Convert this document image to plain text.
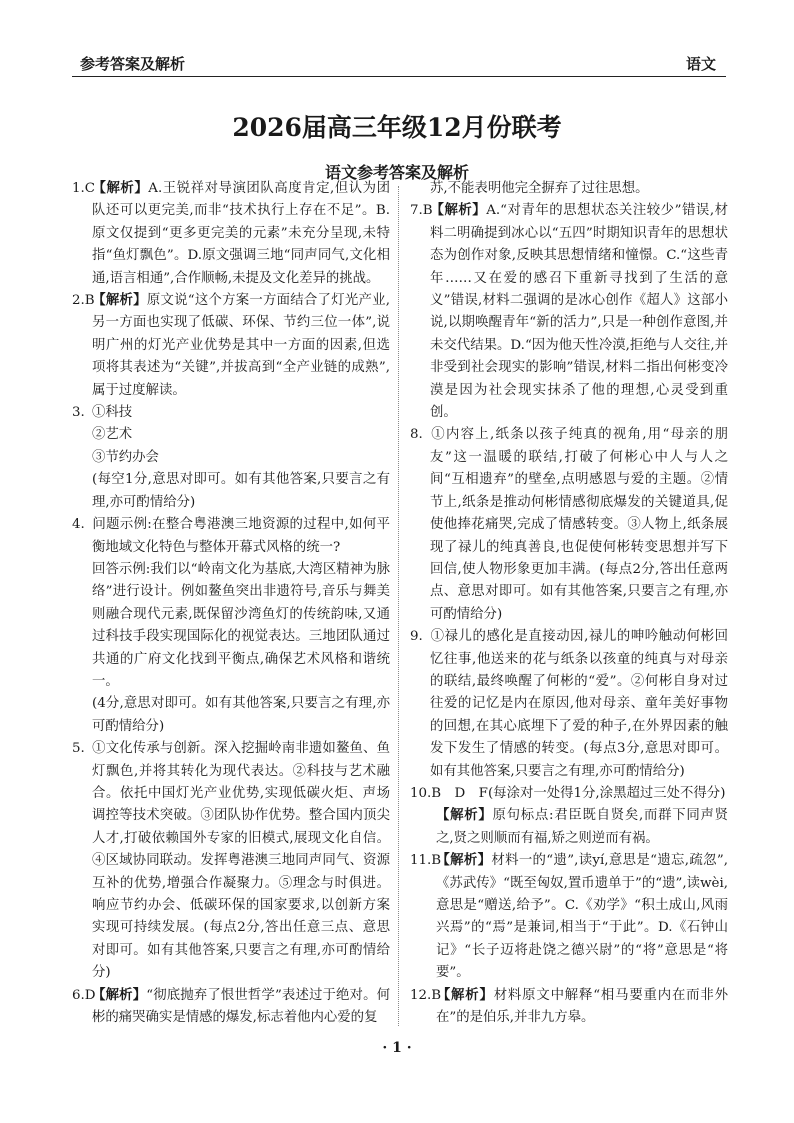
参考答案及解析	语文
2026届高三年级12月份联考
语文参考答案及解析

1.C【解析】A.王锐祥对导演团队高度肯定,但认为团队还可以更完美,而非“技术执行上存在不足”。B.原文仅提到“更多更完美的元素”未充分呈现,未特指“鱼灯飘色”。D.原文强调三地“同声同气,文化相通,语言相通”,合作顺畅,未提及文化差异的挑战。

2.B【解析】原文说“这个方案一方面结合了灯光产业,另一方面也实现了低碳、环保、节约三位一体”,说明广州的灯光产业优势是其中一方面的因素,但选项将其表述为“关键”,并拔高到“全产业链的成熟”,属于过度解读。

3. ①科技
②艺术
③节约办会
(每空1分,意思对即可。如有其他答案,只要言之有理,亦可酌情给分)

4. 问题示例:在整合粤港澳三地资源的过程中,如何平衡地域文化特色与整体开幕式风格的统一?
回答示例:我们以“岭南文化为基底,大湾区精神为脉络”进行设计。例如鳌鱼突出非遗符号,音乐与舞美则融合现代元素,既保留沙湾鱼灯的传统韵味,又通过科技手段实现国际化的视觉表达。三地团队通过共通的广府文化找到平衡点,确保艺术风格和谐统一。
(4分,意思对即可。如有其他答案,只要言之有理,亦可酌情给分)

5. ①文化传承与创新。深入挖掘岭南非遗如鳌鱼、鱼灯飘色,并将其转化为现代表达。②科技与艺术融合。依托中国灯光产业优势,实现低碳火炬、声场调控等技术突破。③团队协作优势。整合国内顶尖人才,打破依赖国外专家的旧模式,展现文化自信。④区域协同联动。发挥粤港澳三地同声同气、资源互补的优势,增强合作凝聚力。⑤理念与时俱进。响应节约办会、低碳环保的国家要求,以创新方案实现可持续发展。(每点2分,答出任意三点、意思对即可。如有其他答案,只要言之有理,亦可酌情给分)

6.D【解析】“彻底抛弃了恨世哲学”表述过于绝对。何彬的痛哭确实是情感的爆发,标志着他内心爱的复

苏,不能表明他完全摒弃了过往思想。

7.B【解析】A.“对青年的思想状态关注较少”错误,材料二明确提到冰心以“五四”时期知识青年的思想状态为创作对象,反映其思想情绪和憧憬。C.“这些青年……又在爱的感召下重新寻找到了生活的意义”错误,材料二强调的是冰心创作《超人》这部小说,以期唤醒青年“新的活力”,只是一种创作意图,并未交代结果。D.“因为他天性冷漠,拒绝与人交往,并非受到社会现实的影响”错误,材料二指出何彬变冷漠是因为社会现实抹杀了他的理想,心灵受到重创。

8. ①内容上,纸条以孩子纯真的视角,用“母亲的朋友”这一温暖的联结,打破了何彬心中人与人之间“互相遗弃”的壁垒,点明感恩与爱的主题。②情节上,纸条是推动何彬情感彻底爆发的关键道具,促使他捧花痛哭,完成了情感转变。③人物上,纸条展现了禄儿的纯真善良,也促使何彬转变思想并写下回信,使人物形象更加丰满。(每点2分,答出任意两点、意思对即可。如有其他答案,只要言之有理,亦可酌情给分)

9. ①禄儿的感化是直接动因,禄儿的呻吟触动何彬回忆往事,他送来的花与纸条以孩童的纯真与对母亲的联结,最终唤醒了何彬的“爱”。②何彬自身对过往爱的记忆是内在原因,他对母亲、童年美好事物的回想,在其心底埋下了爱的种子,在外界因素的触发下发生了情感的转变。(每点3分,意思对即可。如有其他答案,只要言之有理,亦可酌情给分)

10.B　D　F(每涂对一处得1分,涂黑超过三处不得分)
【解析】原句标点:君臣既自贤矣,而群下同声贤之,贤之则顺而有福,矫之则逆而有祸。

11.B【解析】材料一的“遗”,读yí,意思是“遗忘,疏忽”,《苏武传》“既至匈奴,置币遗单于”的“遗”,读wèi,意思是“赠送,给予”。C.《劝学》“积土成山,风雨兴焉”的“焉”是兼词,相当于“于此”。D.《石钟山记》“长子迈将赴饶之德兴尉”的“将”意思是“将要”。

12.B【解析】材料原文中解释“相马要重内在而非外在”的是伯乐,并非九方皋。

· 1 ·
